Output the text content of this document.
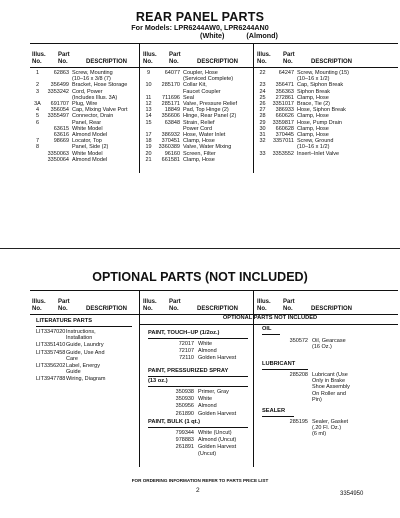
REAR PANEL PARTS
For Models: LPR6244AW0, LPR6244AN0
(White)	(Almond)
Illus.
No.
Part
No.	DESCRIPTION
Illus.
No.
Part
No.	DESCRIPTION
Illus.
No.
Part
No.	DESCRIPTION
1	62863 Screw, Mounting
(10–16 x 3/8 (7)
2 356499 Bracket, Hose Storage
3 3353242 Cord, Power
(Includes Illus. 3A)
3A 691707 Plug, Wire
4 356054 Cap, Mixing Valve Port
5 3355497 Connector, Drain
6	Panel, Rear
63615 White Model
63616 Almond Model
7	98669 Locator, Top
8	Panel, Side (2)
3350063 White Model
3350064 Almond Model
9	64077 Coupler, Hose
(Serviced Complete)
10 285170 Collar Kit,
Faucet Coupler
11 711696 Seal
12 285171 Valve, Pressure Relief
13 18849 Pad, Top Hinge (2)
14 356606 Hinge, Rear Panel (2)
15 63848 Strain, Relief
Power Cord
17 386932 Hose, Water Inlet
18 370451 Clamp, Hose
19 3360389 Valve, Water Mixing
20 96160 Screen, Filter
21 661581 Clamp, Hose
22 64247 Screw, Mounting (15)
(10–16 x 1/2)
23 356471 Cap, Siphon Break
24 356363 Siphon Break
25 272861 Clamp, Hose
26 3351017 Brace, Tie (2)
27 386933 Hose, Siphon Break
28 660626 Clamp, Hose
29 3359817 Hose, Pump Drain
30 660628 Clamp, Hose
31 370445 Clamp, Hose
32 3357011 Screw, Ground
(10–16 x 1/2)
33 3353552 Insert–Inlet Valve
OPTIONAL PARTS (NOT INCLUDED)
Illus.
No.
Part
No.	DESCRIPTION
Illus.
No.
Part
No.	DESCRIPTION
Illus.
No.
Part
No.	DESCRIPTION
OPTIONAL PARTS NOT INCLUDED
LITERATURE PARTS
LIT3347020 Instructions,
Installation
LIT3351410 Guide, Laundry
LIT3357458 Guide, Use And
Care
LIT3356202 Label, Energy
Guide
LIT3947788 Wiring, Diagram
PAINT, TOUCH–UP (1/2oz.)
72017 White
72107 Almond
72110 Golden Harvest
PAINT, PRESSURIZED SPRAY
(13 oz.)
350938 Primer, Gray
350930 White
350956 Almond
261890 Golden Harvest
PAINT, BULK (1 qt.)
799344 White (Uncut)
978883 Almond (Uncut)
261891 Golden Harvest
(Uncut)
OIL
350572 Oil, Gearcase
(16 Oz.)
LUBRICANT
285208 Lubricant (Use
Only in Brake
Shoe Assembly
On Roller and
Pin)
SEALER
285195 Sealer, Gasket
(.20 Fl. Oz.)
(6 ml)
FOR ORDERING INFORMATION REFER TO PARTS PRICE LIST
2	3354950
